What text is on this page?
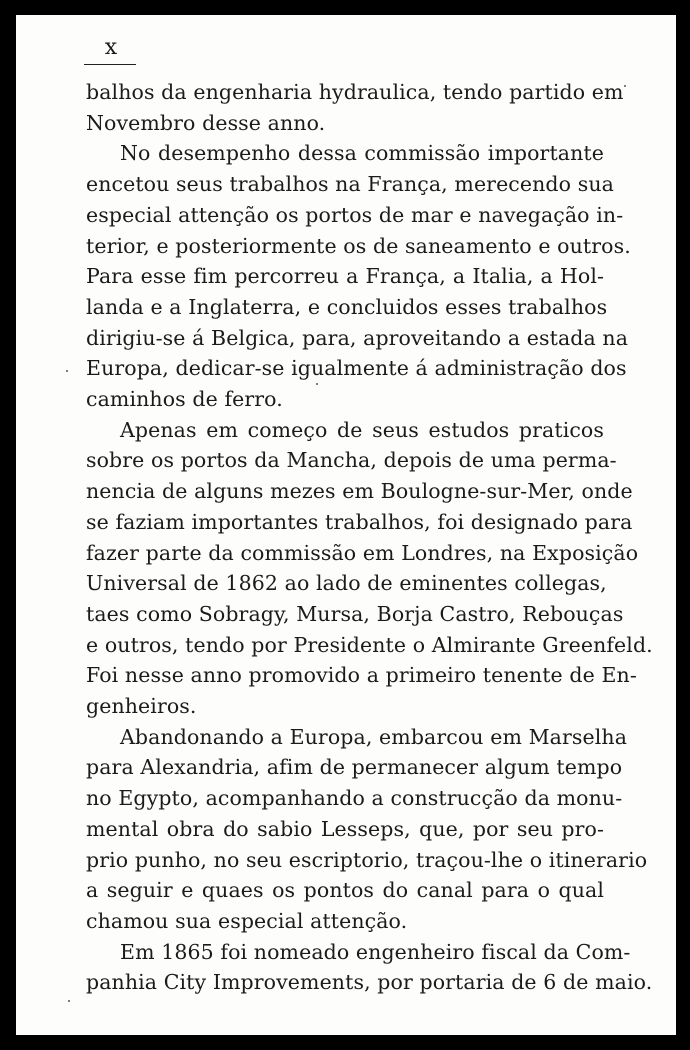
x

balhos da engenharia hydraulica, tendo partido em
Novembro desse anno.

No desempenho dessa commissão importante
encetou seus trabalhos na França, merecendo sua
especial attenção os portos de mar e navegação in-
terior, e posteriormente os de saneamento e outros.
Para esse fim percorreu a França, a Italia, a Hol-
landa e a Inglaterra, e concluidos esses trabalhos
dirigiu-se á Belgica, para, aproveitando a estada na
Europa, dedicar-se igualmente á administração dos
caminhos de ferro.

Apenas em começo de seus estudos praticos
sobre os portos da Mancha, depois de uma perma-
nencia de alguns mezes em Boulogne-sur-Mer, onde
se faziam importantes trabalhos, foi designado para
fazer parte da commissão em Londres, na Exposição
Universal de 1862 ao lado de eminentes collegas,
taes como Sobragy, Mursa, Borja Castro, Rebouças
e outros, tendo por Presidente o Almirante Greenfeld.
Foi nesse anno promovido a primeiro tenente de En-
genheiros.

Abandonando a Europa, embarcou em Marselha
para Alexandria, afim de permanecer algum tempo
no Egypto, acompanhando a construcção da monu-
mental obra do sabio Lesseps, que, por seu pro-
prio punho, no seu escriptorio, traçou-lhe o itinerario
a seguir e quaes os pontos do canal para o qual
chamou sua especial attenção.

Em 1865 foi nomeado engenheiro fiscal da Com-
panhia City Improvements, por portaria de 6 de maio.
